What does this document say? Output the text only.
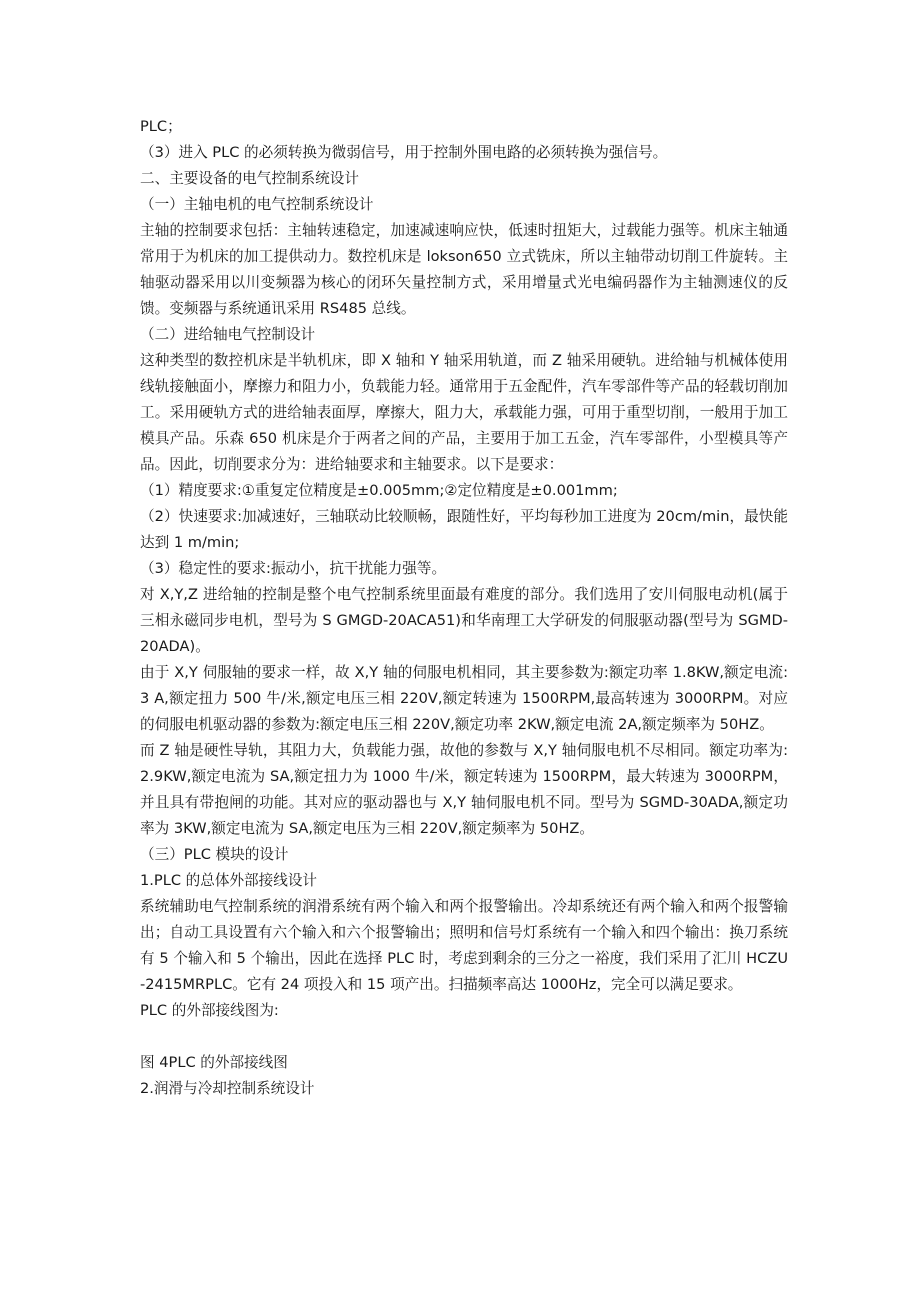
PLC；

（3）进入 PLC 的必须转换为微弱信号，用于控制外围电路的必须转换为强信号。

二、主要设备的电气控制系统设计

（一）主轴电机的电气控制系统设计

主轴的控制要求包括：主轴转速稳定，加速减速响应快，低速时扭矩大，过载能力强等。机床主轴通常用于为机床的加工提供动力。数控机床是 lokson650 立式铣床，所以主轴带动切削工件旋转。主轴驱动器采用以川变频器为核心的闭环矢量控制方式，采用增量式光电编码器作为主轴测速仪的反馈。变频器与系统通讯采用 RS485 总线。

（二）进给轴电气控制设计

这种类型的数控机床是半轨机床，即 X 轴和 Y 轴采用轨道，而 Z 轴采用硬轨。进给轴与机械体使用线轨接触面小，摩擦力和阻力小，负载能力轻。通常用于五金配件，汽车零部件等产品的轻载切削加工。采用硬轨方式的进给轴表面厚，摩擦大，阻力大，承载能力强，可用于重型切削，一般用于加工模具产品。乐森 650 机床是介于两者之间的产品，主要用于加工五金，汽车零部件，小型模具等产品。因此，切削要求分为：进给轴要求和主轴要求。以下是要求：

（1）精度要求:①重复定位精度是±0.005mm;②定位精度是±0.001mm;

（2）快速要求:加减速好，三轴联动比较顺畅，跟随性好，平均每秒加工进度为 20cm/min，最快能达到 1 m/min;

（3）稳定性的要求:振动小，抗干扰能力强等。

对 X,Y,Z 进给轴的控制是整个电气控制系统里面最有难度的部分。我们选用了安川伺服电动机(属于三相永磁同步电机，型号为 S GMGD-20ACA51)和华南理工大学研发的伺服驱动器(型号为 SGMD-20ADA)。

由于 X,Y 伺服轴的要求一样，故 X,Y 轴的伺服电机相同，其主要参数为:额定功率 1.8KW,额定电流:3 A,额定扭力 500 牛/米,额定电压三相 220V,额定转速为 1500RPM,最高转速为 3000RPM。对应的伺服电机驱动器的参数为:额定电压三相 220V,额定功率 2KW,额定电流 2A,额定频率为 50HZ。

而 Z 轴是硬性导轨，其阻力大，负载能力强，故他的参数与 X,Y 轴伺服电机不尽相同。额定功率为:2.9KW,额定电流为 SA,额定扭力为 1000 牛/米，额定转速为 1500RPM，最大转速为 3000RPM，并且具有带抱闸的功能。其对应的驱动器也与 X,Y 轴伺服电机不同。型号为 SGMD-30ADA,额定功率为 3KW,额定电流为 SA,额定电压为三相 220V,额定频率为 50HZ。

（三）PLC 模块的设计

1.PLC 的总体外部接线设计

系统辅助电气控制系统的润滑系统有两个输入和两个报警输出。冷却系统还有两个输入和两个报警输出；自动工具设置有六个输入和六个报警输出；照明和信号灯系统有一个输入和四个输出：换刀系统有 5 个输入和 5 个输出，因此在选择 PLC 时，考虑到剩余的三分之一裕度，我们采用了汇川 HCZU-2415MRPLC。它有 24 项投入和 15 项产出。扫描频率高达 1000Hz，完全可以满足要求。

PLC 的外部接线图为:

图 4PLC 的外部接线图

2.润滑与冷却控制系统设计
